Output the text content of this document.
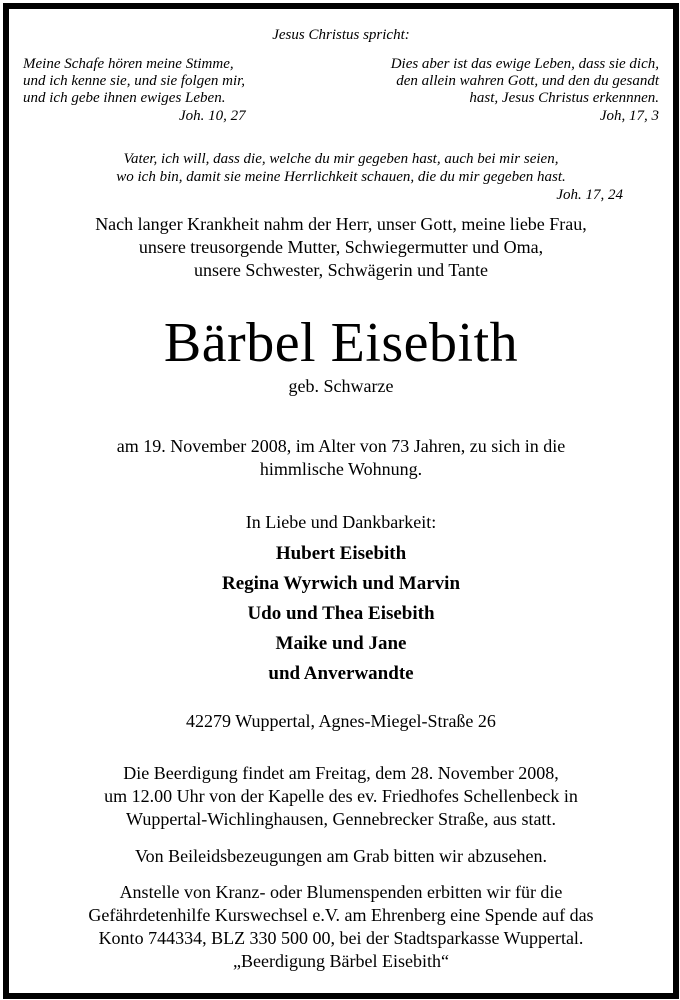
Jesus Christus spricht:
Meine Schafe hören meine Stimme,
und ich kenne sie, und sie folgen mir,
und ich gebe ihnen ewiges Leben.
Joh. 10, 27
Dies aber ist das ewige Leben, dass sie dich,
den allein wahren Gott, und den du gesandt
hast, Jesus Christus erkennnen.
Joh, 17, 3
Vater, ich will, dass die, welche du mir gegeben hast, auch bei mir seien,
wo ich bin, damit sie meine Herrlichkeit schauen, die du mir gegeben hast.
Joh. 17, 24
Nach langer Krankheit nahm der Herr, unser Gott, meine liebe Frau,
unsere treusorgende Mutter, Schwiegermutter und Oma,
unsere Schwester, Schwägerin und Tante
Bärbel Eisebith
geb. Schwarze
am 19. November 2008, im Alter von 73 Jahren, zu sich in die
himmlische Wohnung.
In Liebe und Dankbarkeit:
Hubert Eisebith
Regina Wyrwich und Marvin
Udo und Thea Eisebith
Maike und Jane
und Anverwandte
42279 Wuppertal, Agnes-Miegel-Straße 26
Die Beerdigung findet am Freitag, dem 28. November 2008,
um 12.00 Uhr von der Kapelle des ev. Friedhofes Schellenbeck in
Wuppertal-Wichlinghausen, Gennebrecker Straße, aus statt.
Von Beileidsbezeugungen am Grab bitten wir abzusehen.
Anstelle von Kranz- oder Blumenspenden erbitten wir für die
Gefährdetenhilfe Kurswechsel e.V. am Ehrenberg eine Spende auf das
Konto 744334, BLZ 330 500 00, bei der Stadtsparkasse Wuppertal.
„Beerdigung Bärbel Eisebith“
